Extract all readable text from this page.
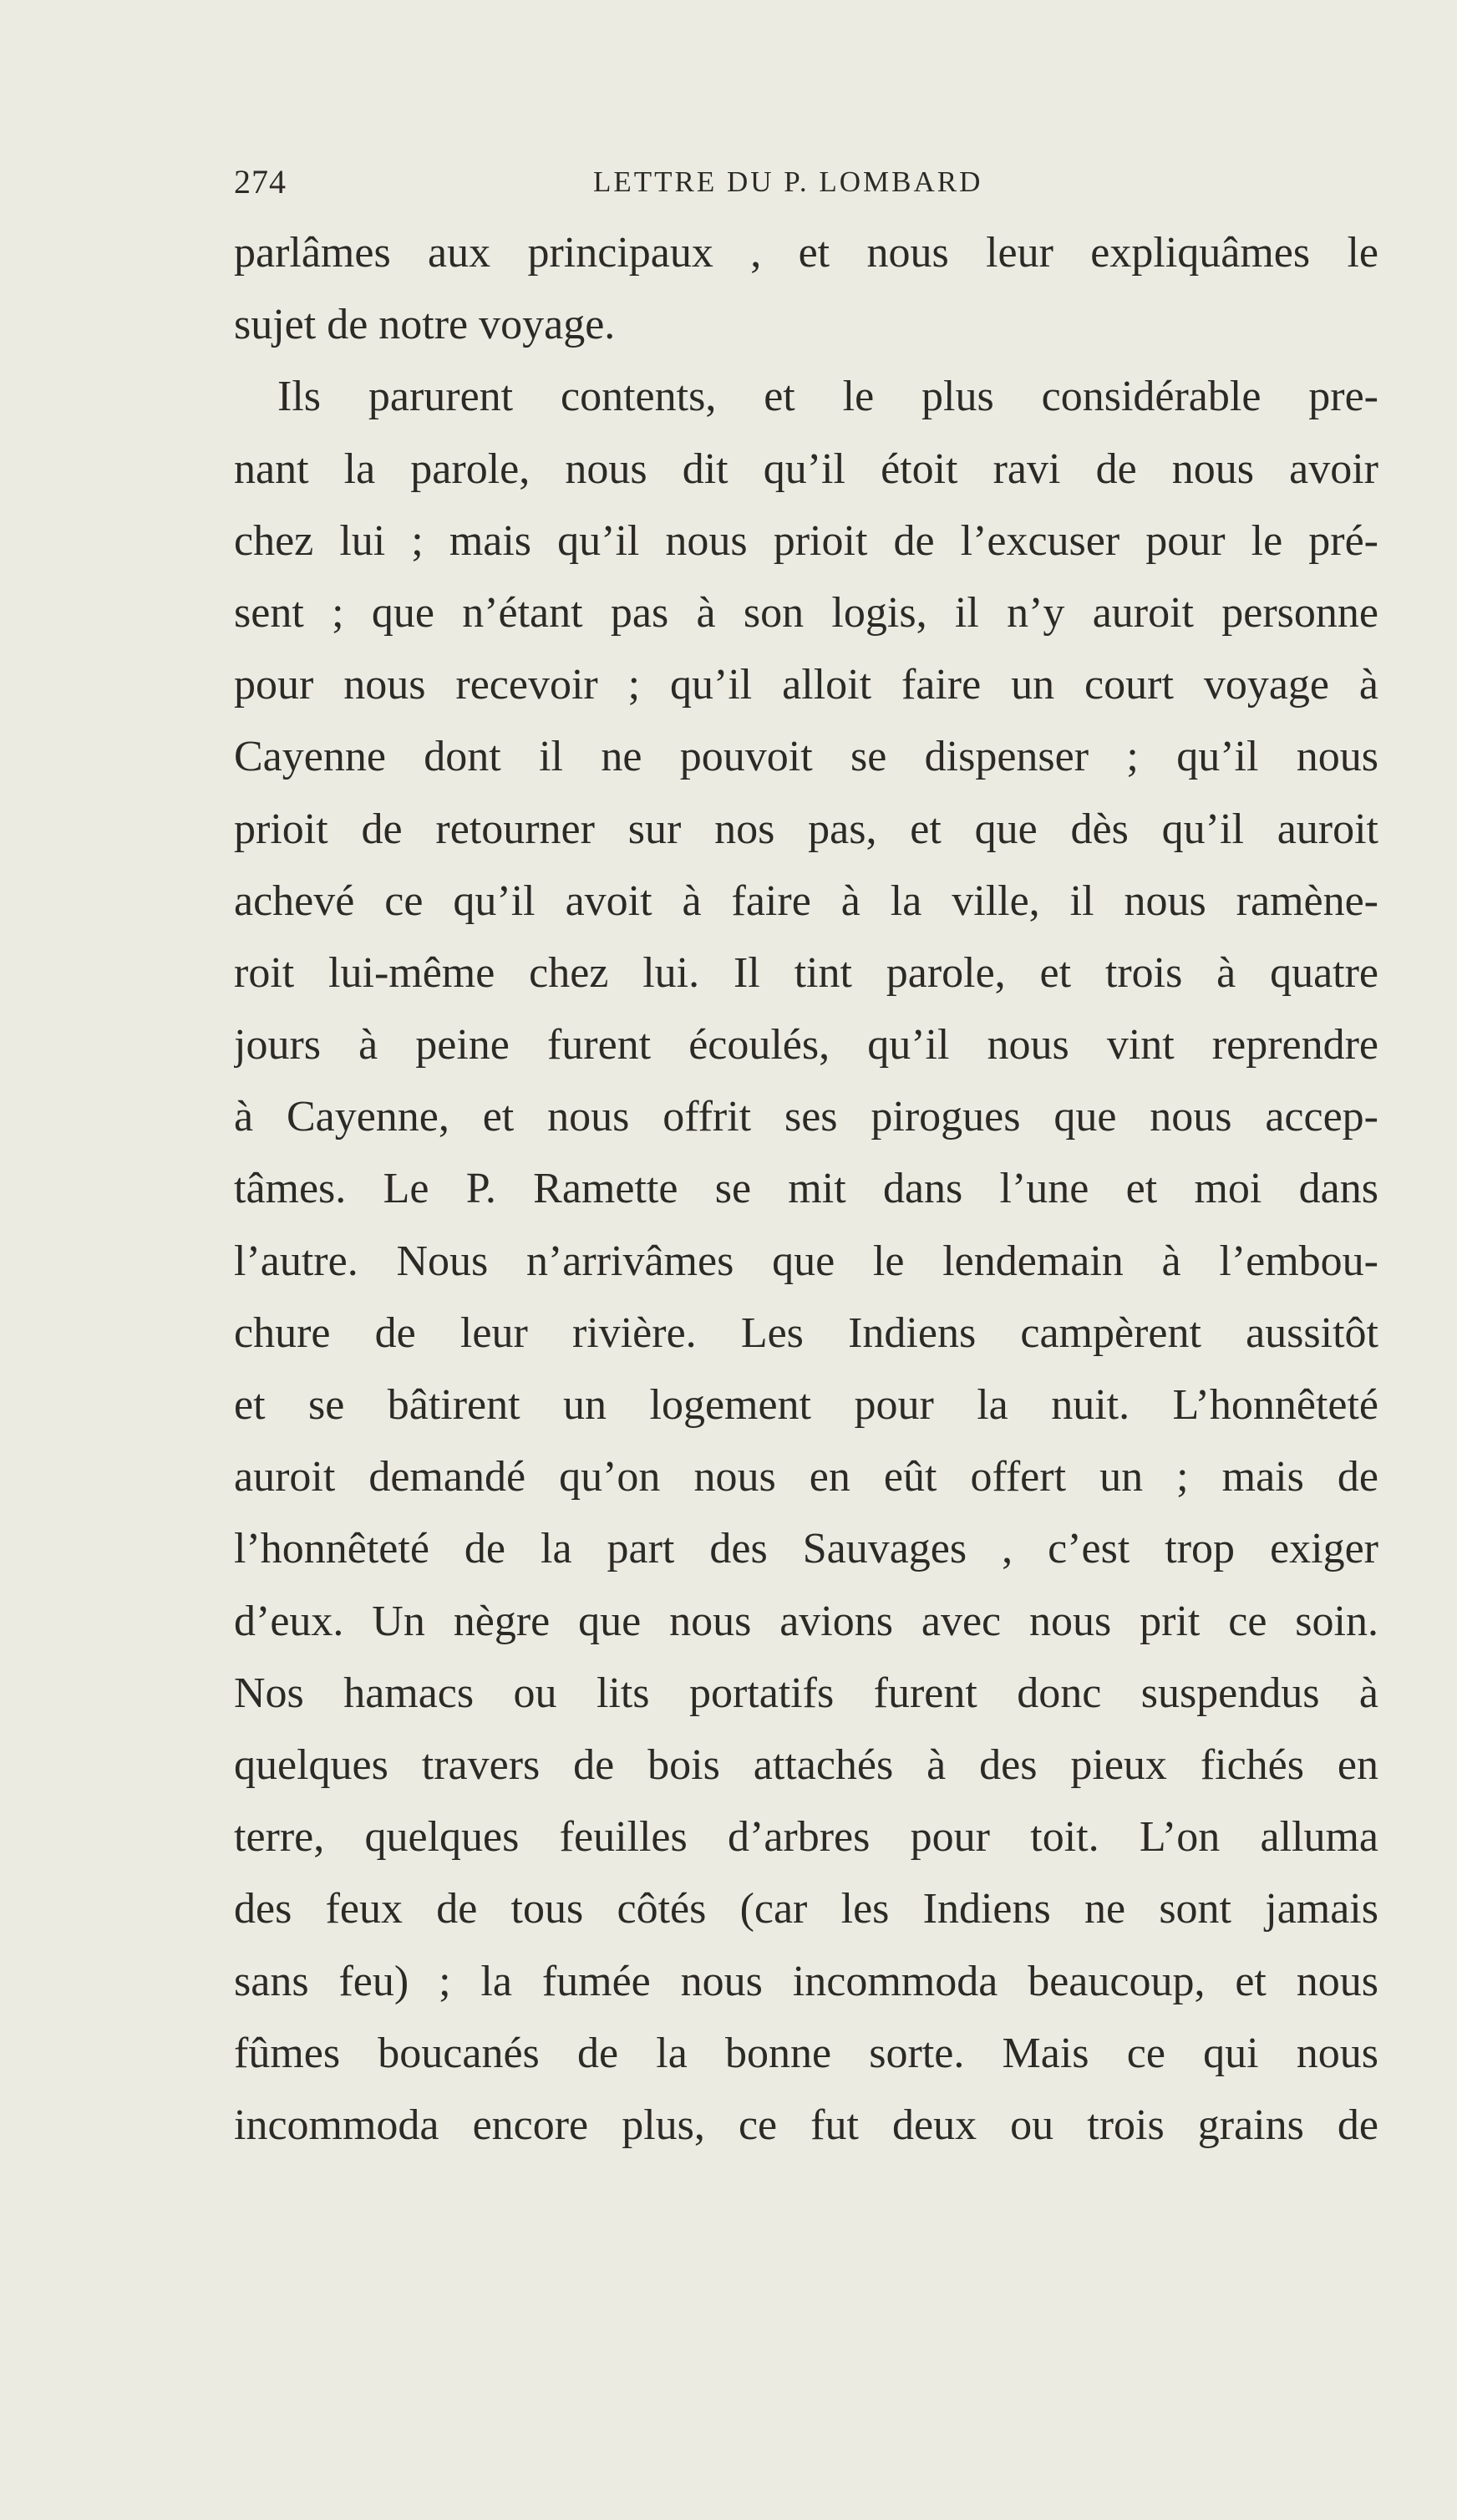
274	LETTRE DU P. LOMBARD
parlâmes aux principaux , et nous leur expliquâmes le
sujet de notre voyage.
Ils parurent contents, et le plus considérable pre-
nant la parole, nous dit qu’il étoit ravi de nous avoir
chez lui ; mais qu’il nous prioit de l’excuser pour le pré-
sent ; que n’étant pas à son logis, il n’y auroit personne
pour nous recevoir ; qu’il alloit faire un court voyage à
Cayenne dont il ne pouvoit se dispenser ; qu’il nous
prioit de retourner sur nos pas, et que dès qu’il auroit
achevé ce qu’il avoit à faire à la ville, il nous ramène-
roit lui-même chez lui. Il tint parole, et trois à quatre
jours à peine furent écoulés, qu’il nous vint reprendre
à Cayenne, et nous offrit ses pirogues que nous accep-
tâmes. Le P. Ramette se mit dans l’une et moi dans
l’autre. Nous n’arrivâmes que le lendemain à l’embou-
chure de leur rivière. Les Indiens campèrent aussitôt
et se bâtirent un logement pour la nuit. L’honnêteté
auroit demandé qu’on nous en eût offert un ; mais de
l’honnêteté de la part des Sauvages , c’est trop exiger
d’eux. Un nègre que nous avions avec nous prit ce soin.
Nos hamacs ou lits portatifs furent donc suspendus à
quelques travers de bois attachés à des pieux fichés en
terre, quelques feuilles d’arbres pour toit. L’on alluma
des feux de tous côtés (car les Indiens ne sont jamais
sans feu) ; la fumée nous incommoda beaucoup, et nous
fûmes boucanés de la bonne sorte. Mais ce qui nous
incommoda encore plus, ce fut deux ou trois grains de
